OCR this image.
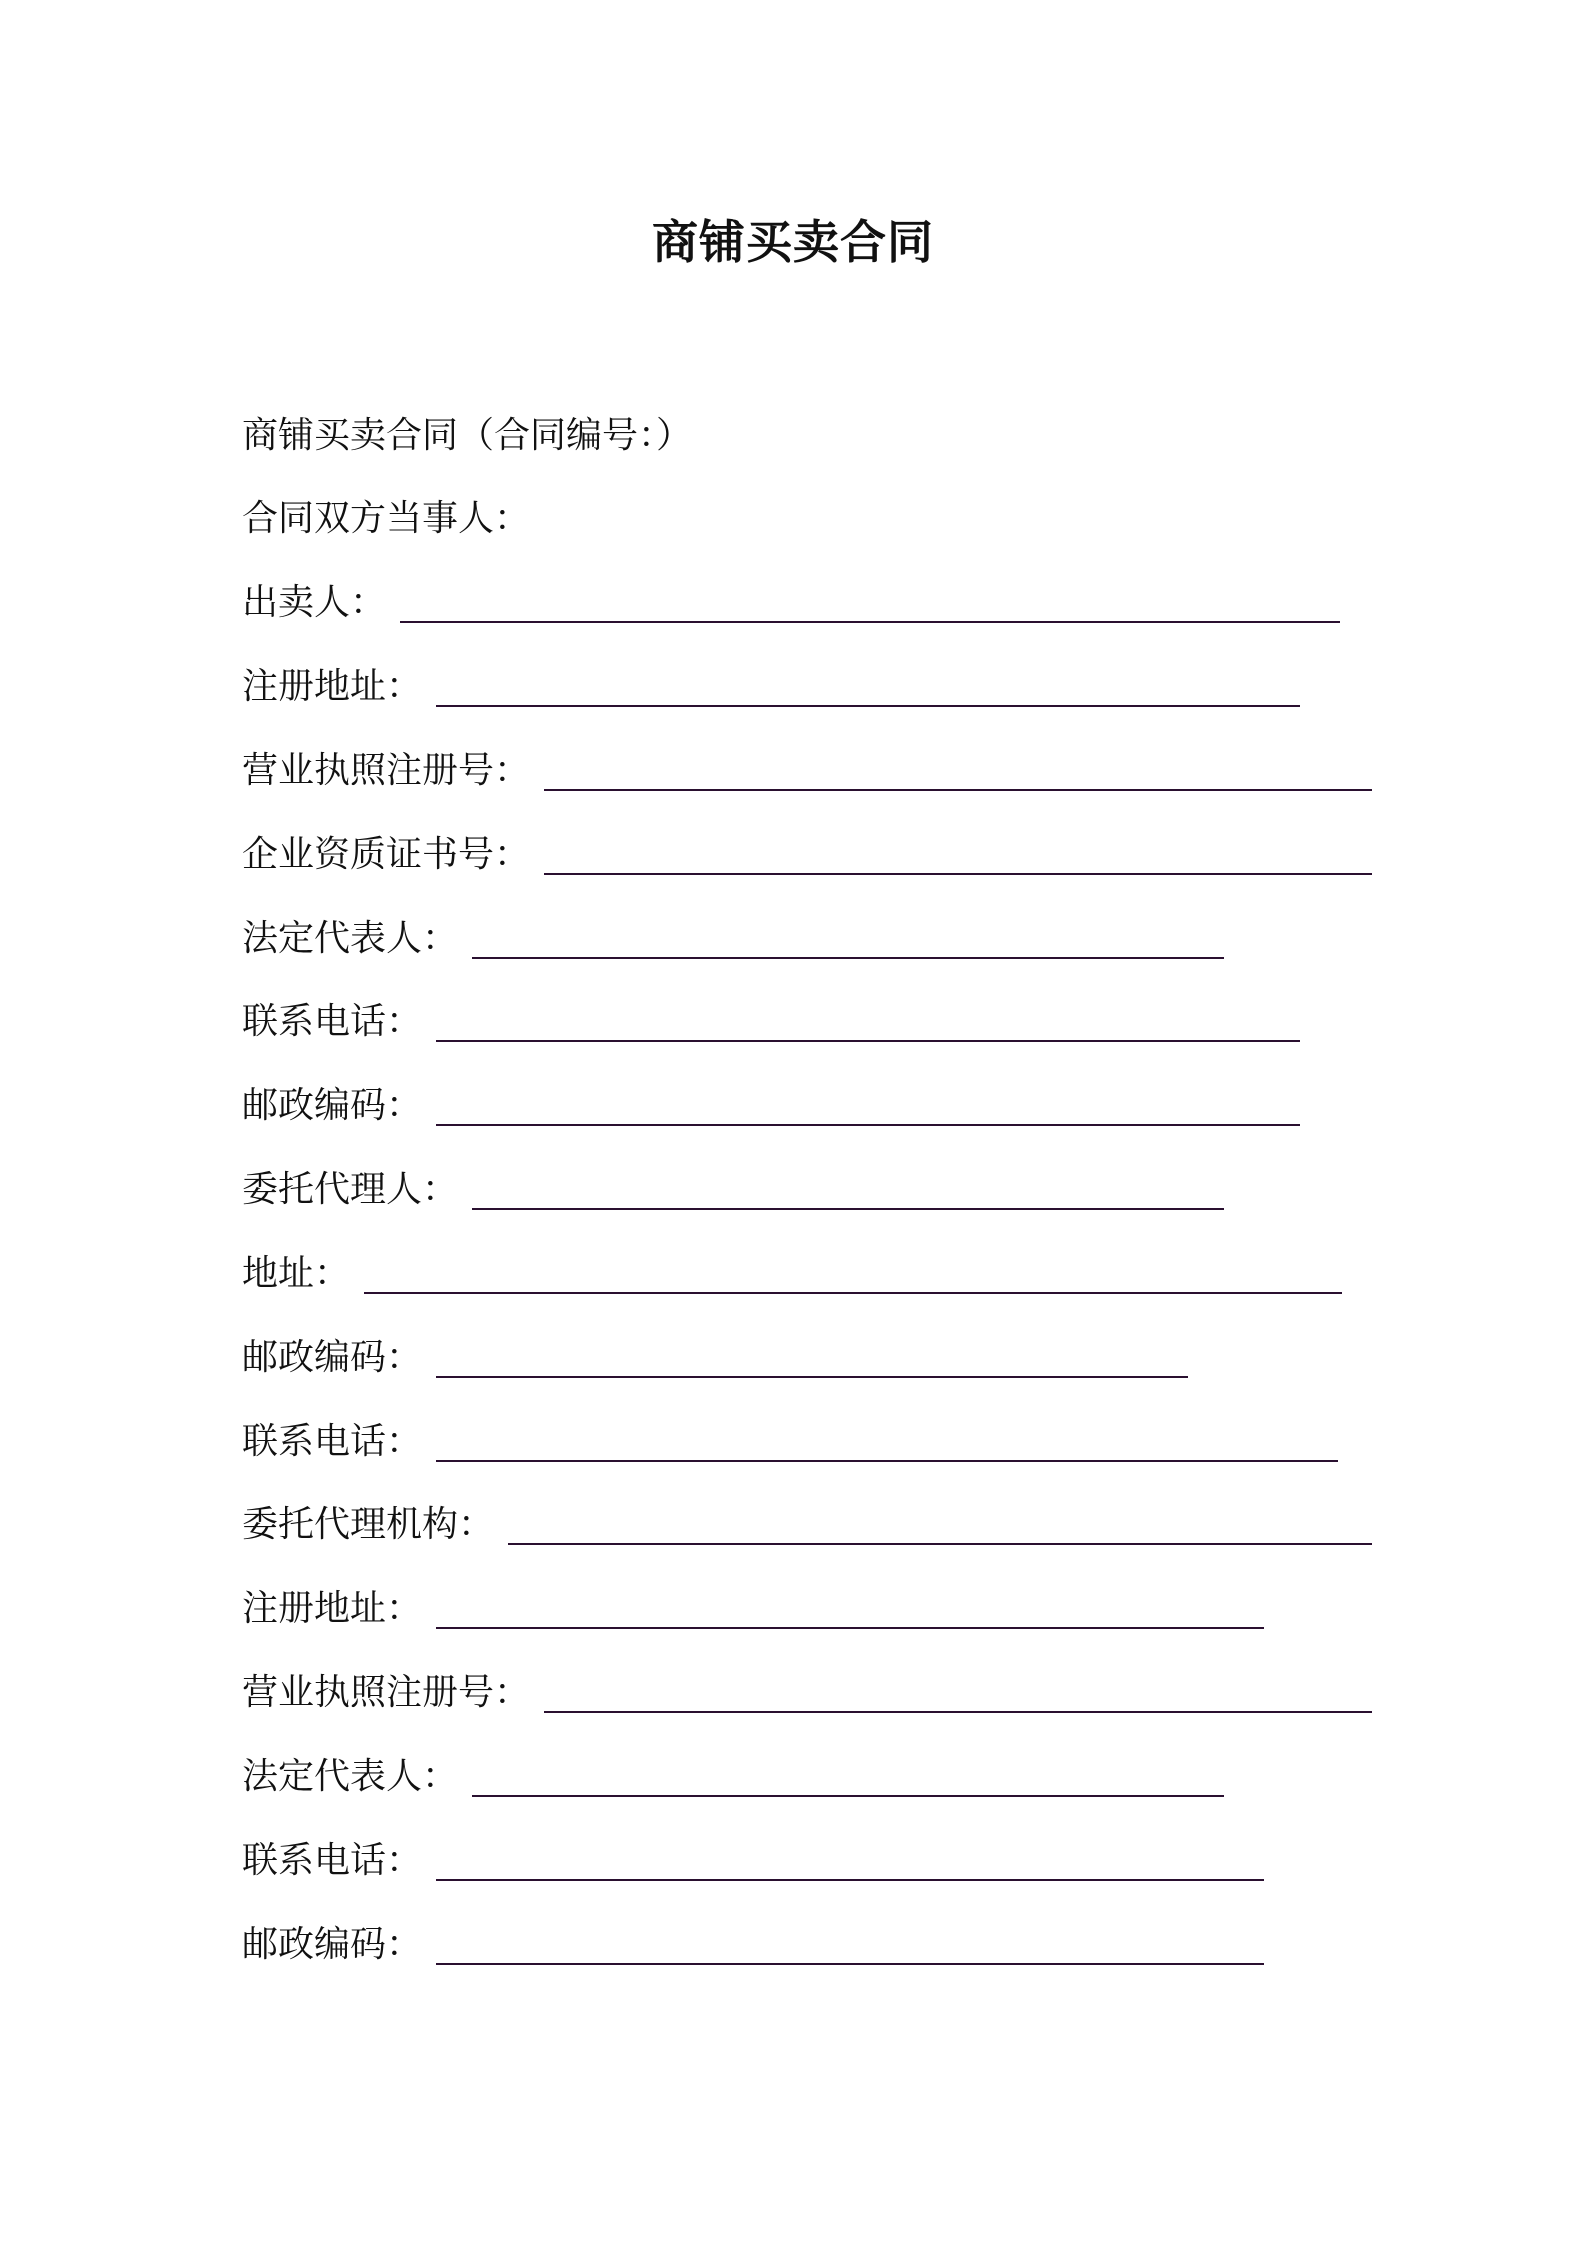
商铺买卖合同
商铺买卖合同（合同编号：）
合同双方当事人：
出卖人：
注册地址：
营业执照注册号：
企业资质证书号：
法定代表人：
联系电话：
邮政编码：
委托代理人：
地址：
邮政编码：
联系电话：
委托代理机构：
注册地址：
营业执照注册号：
法定代表人：
联系电话：
邮政编码：
